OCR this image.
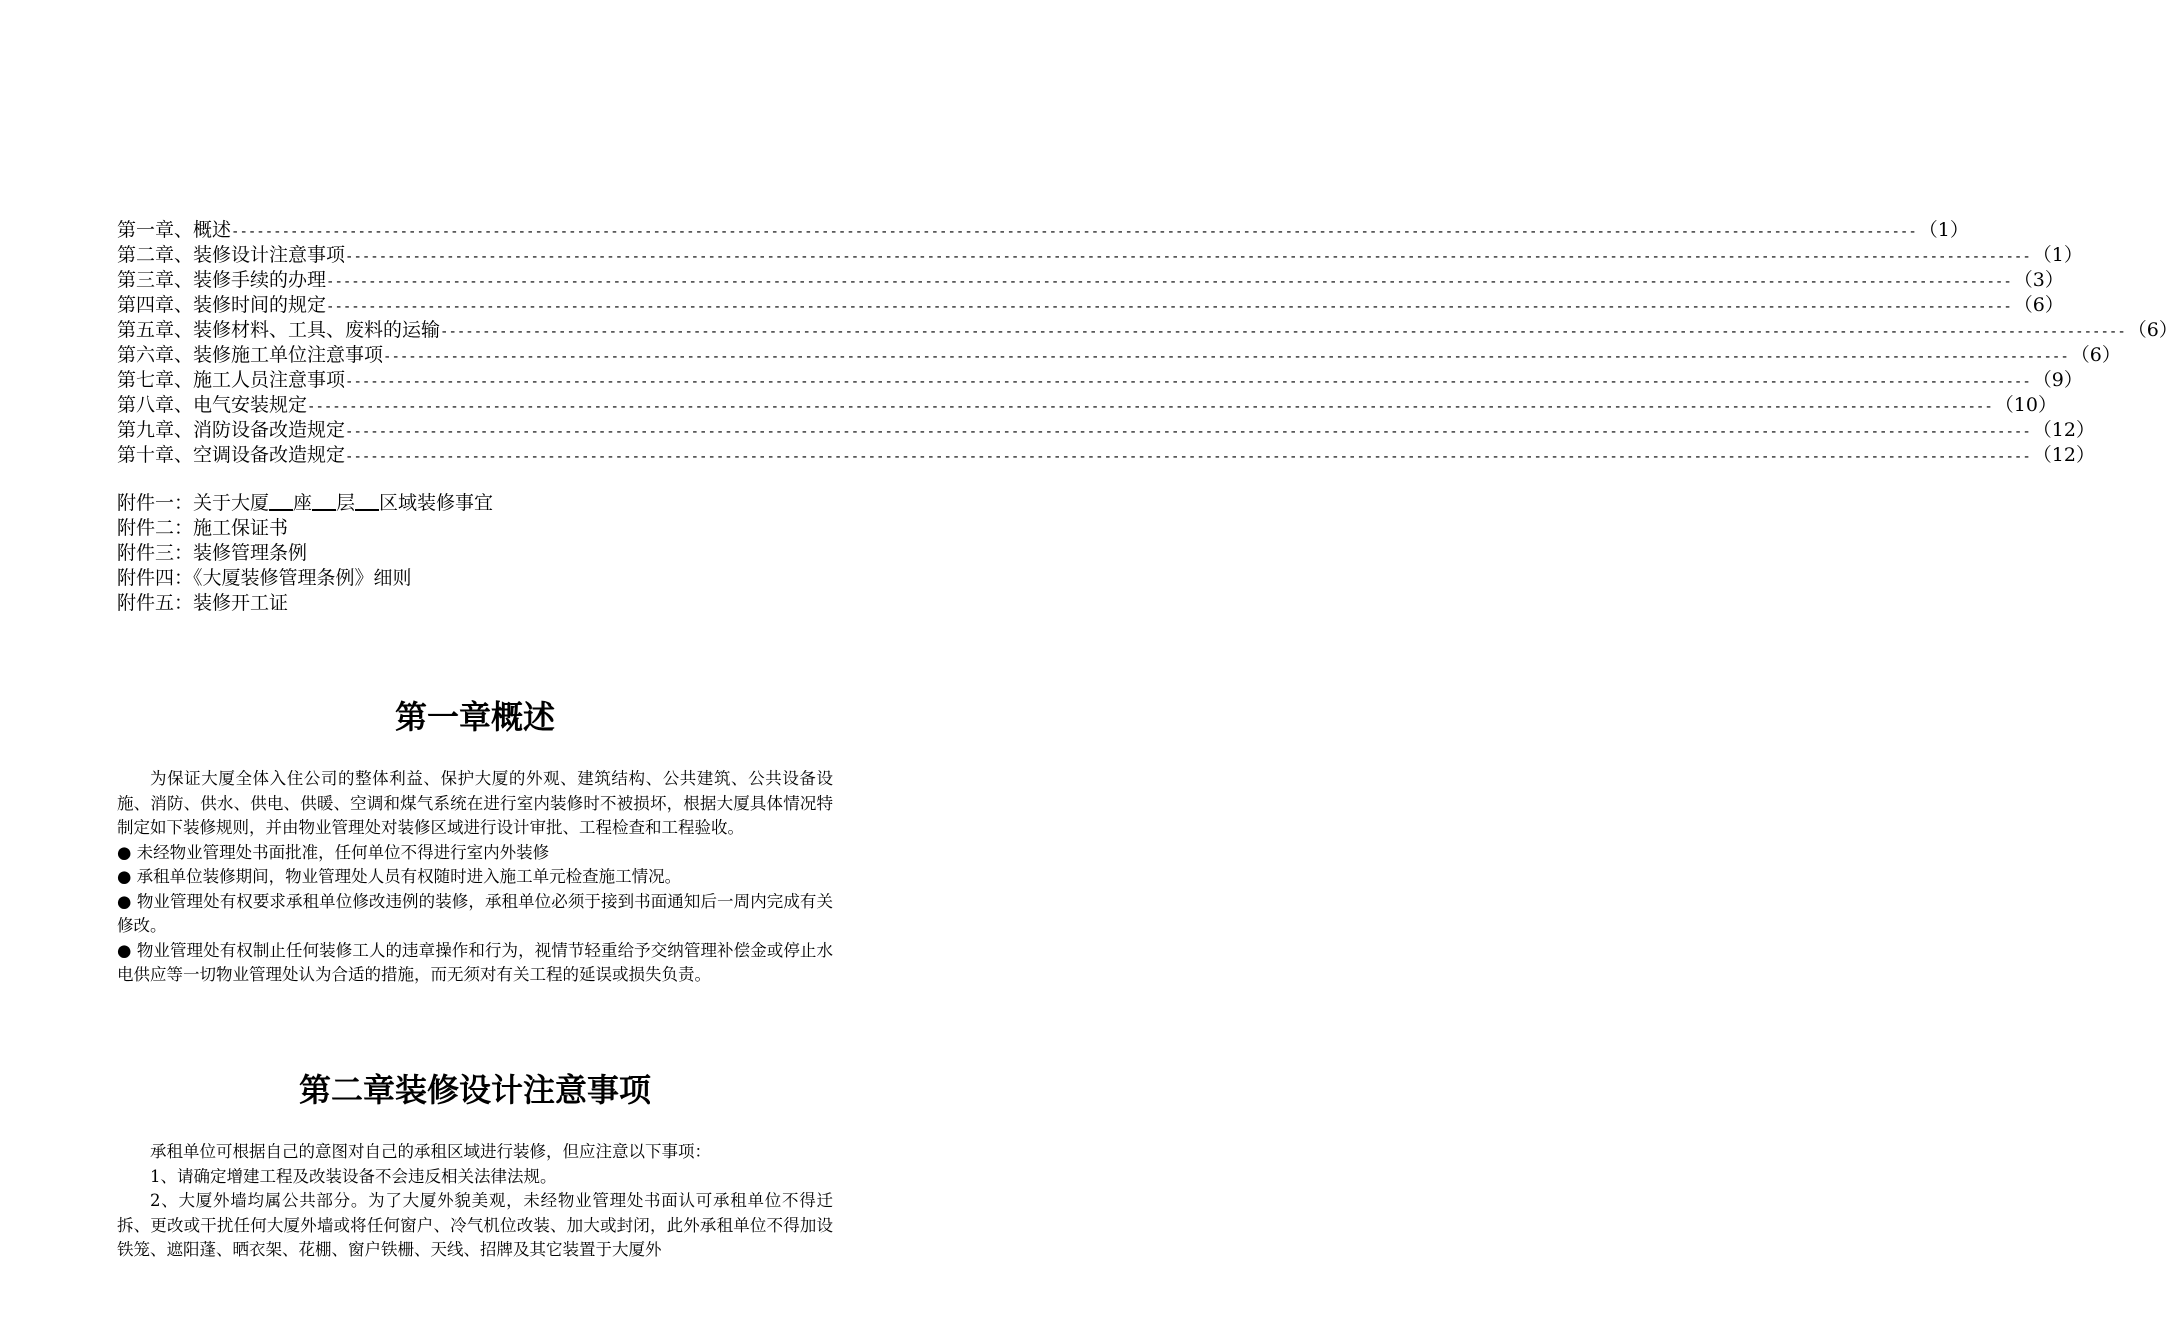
第一章、概述 -------------------------------------------------------------------------------------------------------------------------------------------------------------------------------------------------------- （1）
第二章、装修设计注意事项 -------------------------------------------------------------------------------------------------------------------------------------------------------------------------------------------------------- （1）
第三章、装修手续的办理 -------------------------------------------------------------------------------------------------------------------------------------------------------------------------------------------------------- （3）
第四章、装修时间的规定 -------------------------------------------------------------------------------------------------------------------------------------------------------------------------------------------------------- （6）
第五章、装修材料、工具、废料的运输 -------------------------------------------------------------------------------------------------------------------------------------------------------------------------------------------------------- （6）
第六章、装修施工单位注意事项 -------------------------------------------------------------------------------------------------------------------------------------------------------------------------------------------------------- （6）
第七章、施工人员注意事项 -------------------------------------------------------------------------------------------------------------------------------------------------------------------------------------------------------- （9）
第八章、电气安装规定 -------------------------------------------------------------------------------------------------------------------------------------------------------------------------------------------------------- （10）
第九章、消防设备改造规定 -------------------------------------------------------------------------------------------------------------------------------------------------------------------------------------------------------- （12）
第十章、空调设备改造规定 -------------------------------------------------------------------------------------------------------------------------------------------------------------------------------------------------------- （12）
附件一：关于大厦 座 层 区域装修事宜
附件二：施工保证书
附件三：装修管理条例
附件四：《大厦装修管理条例》细则
附件五：装修开工证
第一章概述

为保证大厦全体入住公司的整体利益、保护大厦的外观、建筑结构、公共建筑、公共设备设施、消防、供水、供电、供暖、空调和煤气系统在进行室内装修时不被损坏，根据大厦具体情况特制定如下装修规则，并由物业管理处对装修区域进行设计审批、工程检查和工程验收。

● 未经物业管理处书面批准，任何单位不得进行室内外装修

● 承租单位装修期间，物业管理处人员有权随时进入施工单元检查施工情况。

● 物业管理处有权要求承租单位修改违例的装修，承租单位必须于接到书面通知后一周内完成有关修改。

● 物业管理处有权制止任何装修工人的违章操作和行为，视情节轻重给予交纳管理补偿金或停止水电供应等一切物业管理处认为合适的措施，而无须对有关工程的延误或损失负责。

第二章装修设计注意事项

承租单位可根据自己的意图对自己的承租区域进行装修，但应注意以下事项：

1、请确定增建工程及改装设备不会违反相关法律法规。

2、大厦外墙均属公共部分。为了大厦外貌美观，未经物业管理处书面认可承租单位不得迁拆、更改或干扰任何大厦外墙或将任何窗户、冷气机位改装、加大或封闭，此外承租单位不得加设铁笼、遮阳蓬、晒衣架、花棚、窗户铁栅、天线、招牌及其它装置于大厦外
